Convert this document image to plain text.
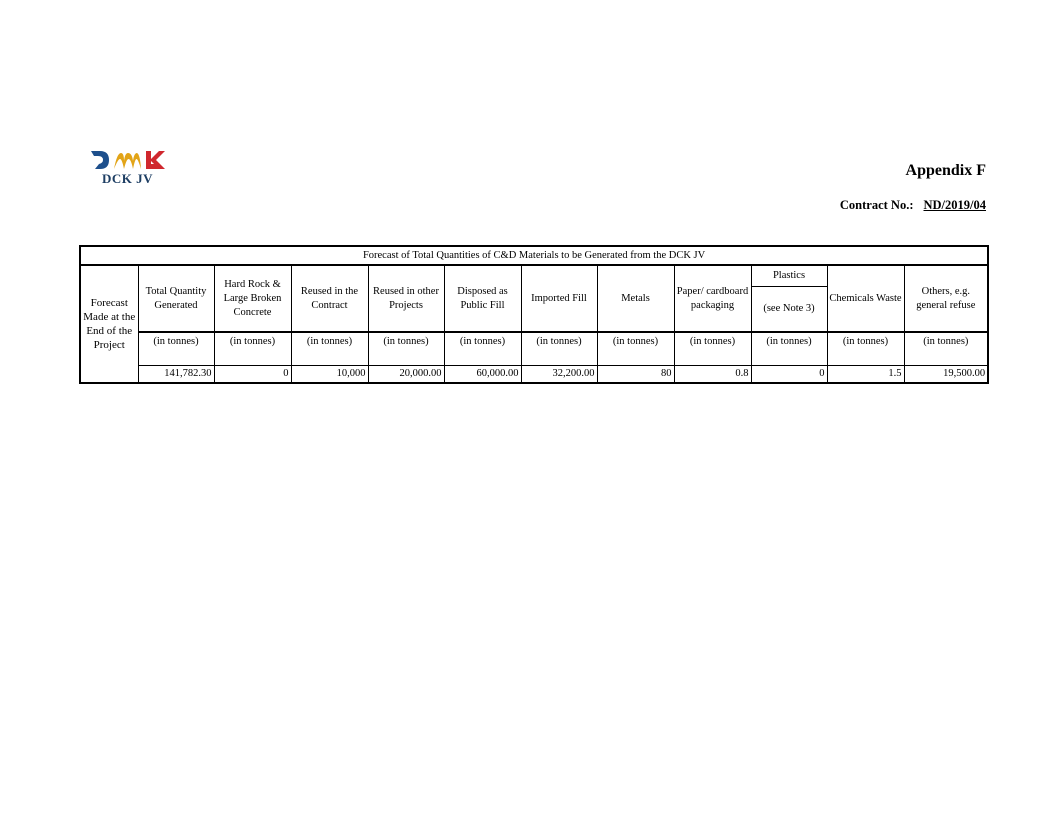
DCK JV	Appendix F
Contract No.: ND/2019/04
Forecast of Total Quantities of C&D Materials to be Generated from the DCK JV											
Forecast Made at the End of the Project	Total Quantity Generated	Hard Rock & Large Broken Concrete	Reused in the Contract	Reused in other Projects	Disposed as Public Fill	Imported Fill	Metals	Paper/ cardboard packaging	Plastics	Chemicals Waste	Others, e.g. general refuse
									(see Note 3)		
	(in tonnes)	(in tonnes)	(in tonnes)	(in tonnes)	(in tonnes)	(in tonnes)	(in tonnes)	(in tonnes)	(in tonnes)	(in tonnes)	(in tonnes)
	141,782.30	0	10,000	20,000.00	60,000.00	32,200.00	80	0.8	0	1.5	19,500.00
